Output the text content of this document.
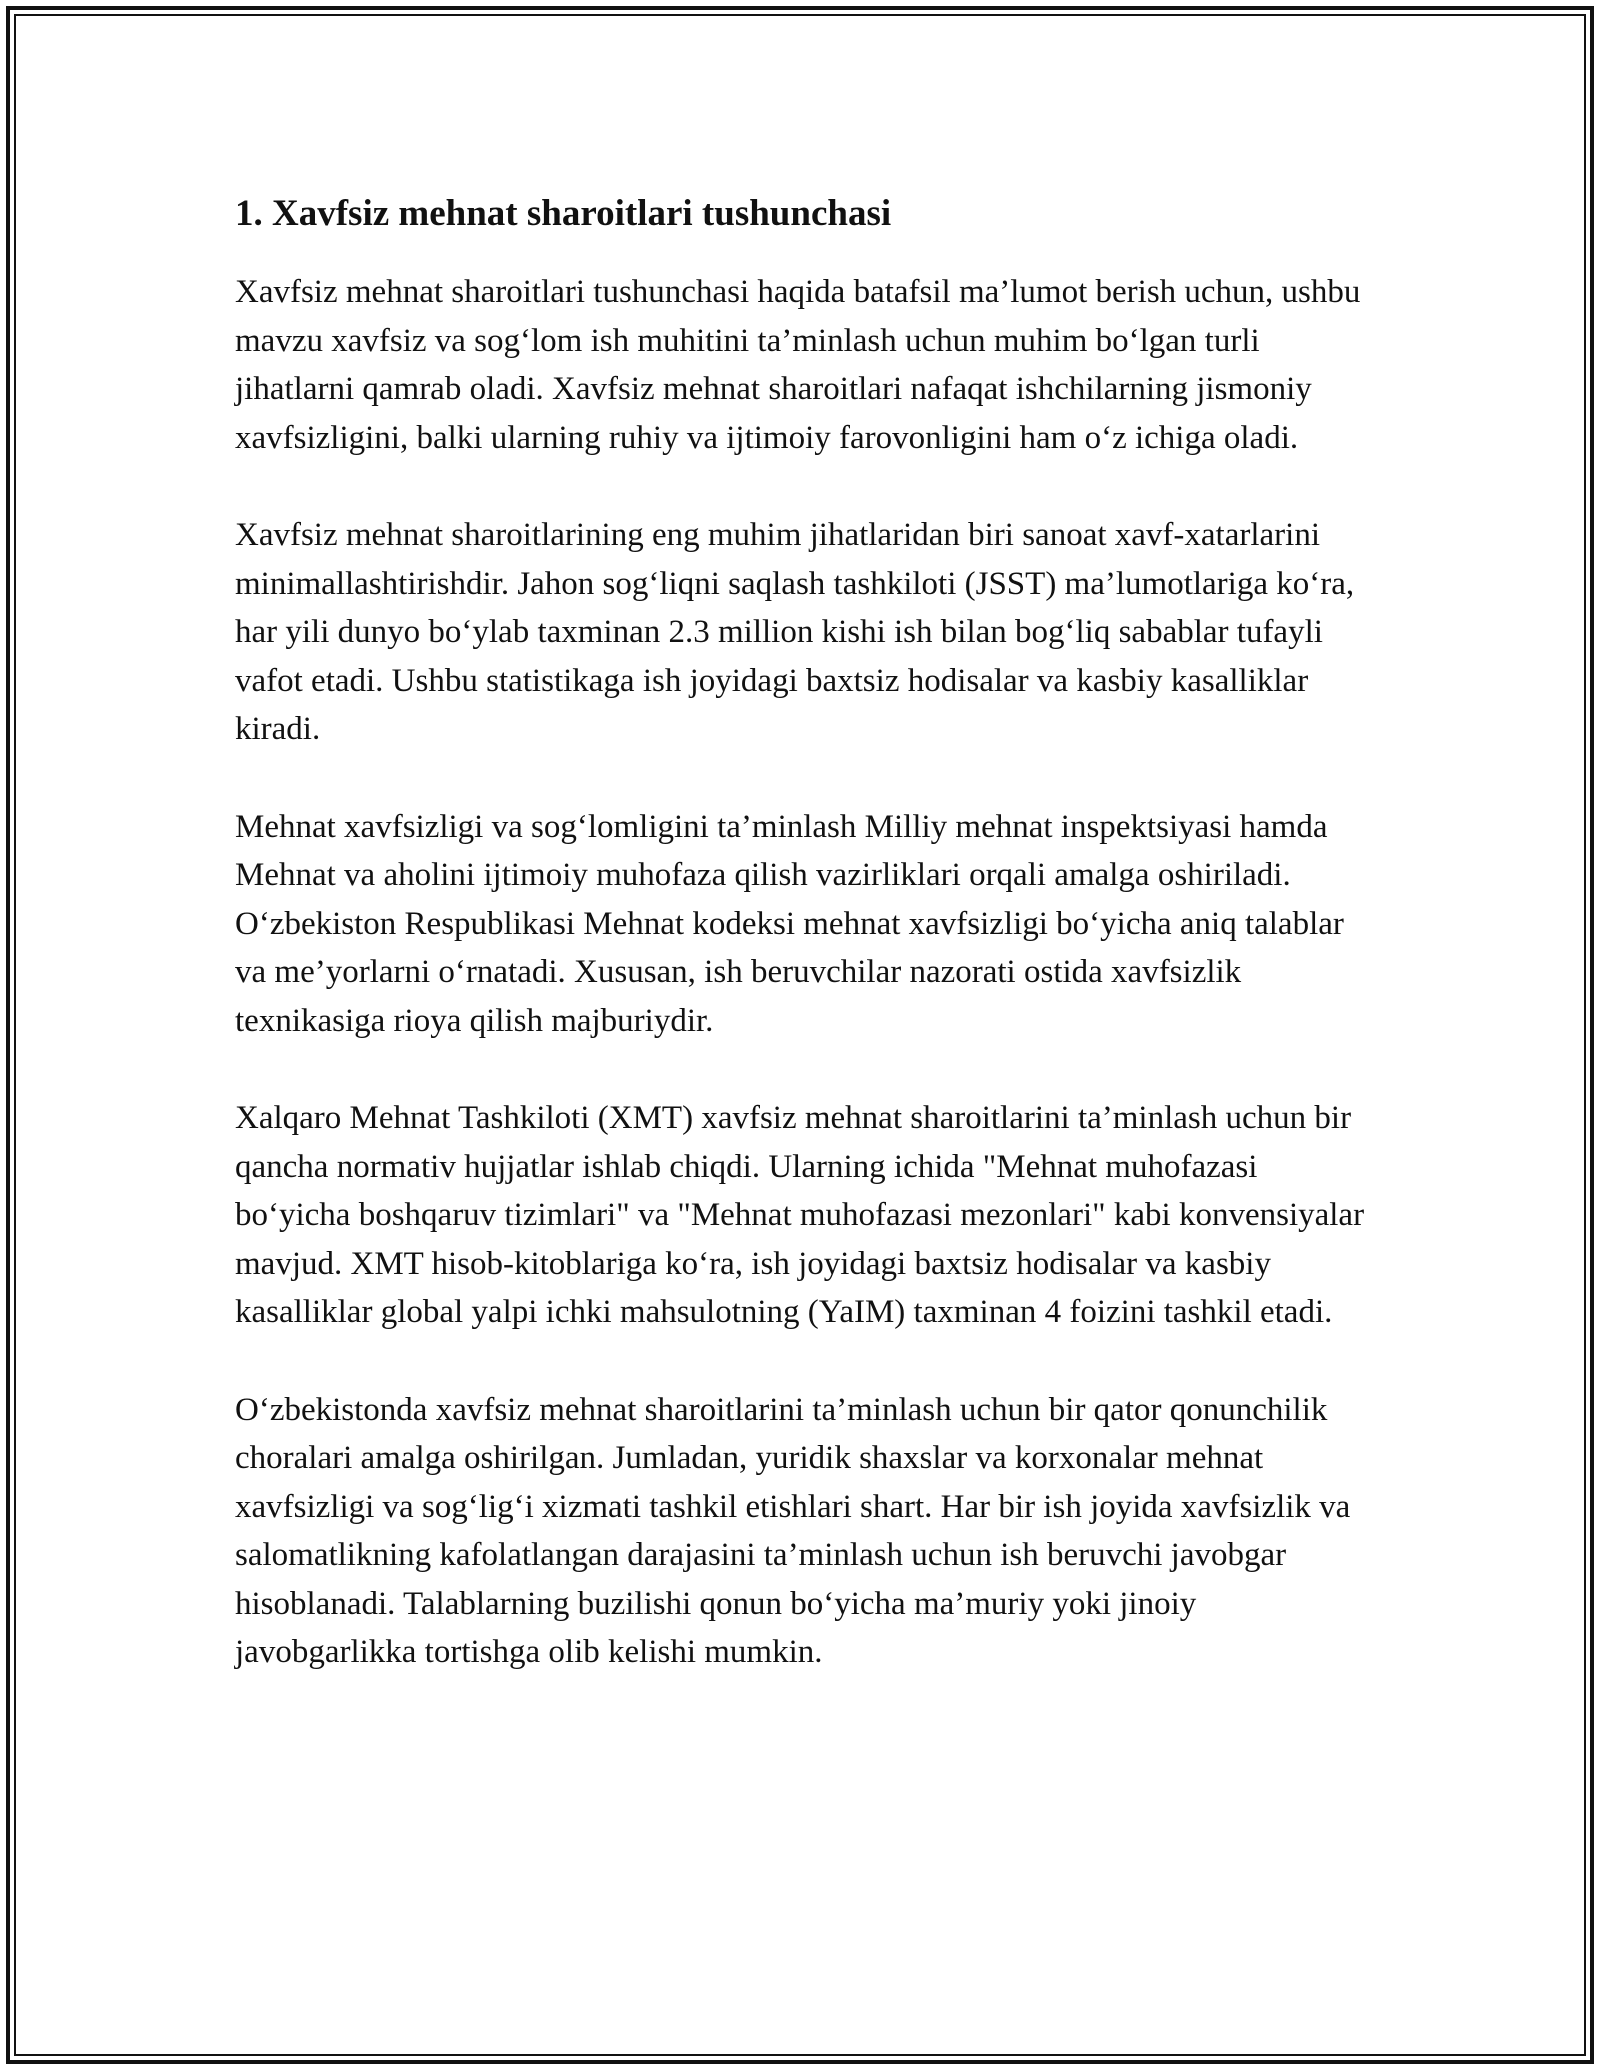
1. Xavfsiz mehnat sharoitlari tushunchasi

Xavfsiz mehnat sharoitlari tushunchasi haqida batafsil ma’lumot berish uchun, ushbu mavzu xavfsiz va sog‘lom ish muhitini ta’minlash uchun muhim bo‘lgan turli jihatlarni qamrab oladi. Xavfsiz mehnat sharoitlari nafaqat ishchilarning jismoniy xavfsizligini, balki ularning ruhiy va ijtimoiy farovonligini ham o‘z ichiga oladi.

Xavfsiz mehnat sharoitlarining eng muhim jihatlaridan biri sanoat xavf-xatarlarini minimallashtirishdir. Jahon sog‘liqni saqlash tashkiloti (JSST) ma’lumotlariga ko‘ra, har yili dunyo bo‘ylab taxminan 2.3 million kishi ish bilan bog‘liq sabablar tufayli vafot etadi. Ushbu statistikaga ish joyidagi baxtsiz hodisalar va kasbiy kasalliklar kiradi.

Mehnat xavfsizligi va sog‘lomligini ta’minlash Milliy mehnat inspektsiyasi hamda Mehnat va aholini ijtimoiy muhofaza qilish vazirliklari orqali amalga oshiriladi. O‘zbekiston Respublikasi Mehnat kodeksi mehnat xavfsizligi bo‘yicha aniq talablar va me’yorlarni o‘rnatadi. Xususan, ish beruvchilar nazorati ostida xavfsizlik texnikasiga rioya qilish majburiydir.

Xalqaro Mehnat Tashkiloti (XMT) xavfsiz mehnat sharoitlarini ta’minlash uchun bir qancha normativ hujjatlar ishlab chiqdi. Ularning ichida "Mehnat muhofazasi bo‘yicha boshqaruv tizimlari" va "Mehnat muhofazasi mezonlari" kabi konvensiyalar mavjud. XMT hisob-kitoblariga ko‘ra, ish joyidagi baxtsiz hodisalar va kasbiy kasalliklar global yalpi ichki mahsulotning (YaIM) taxminan 4 foizini tashkil etadi.

O‘zbekistonda xavfsiz mehnat sharoitlarini ta’minlash uchun bir qator qonunchilik choralari amalga oshirilgan. Jumladan, yuridik shaxslar va korxonalar mehnat xavfsizligi va sog‘lig‘i xizmati tashkil etishlari shart. Har bir ish joyida xavfsizlik va salomatlikning kafolatlangan darajasini ta’minlash uchun ish beruvchi javobgar hisoblanadi. Talablarning buzilishi qonun bo‘yicha ma’muriy yoki jinoiy javobgarlikka tortishga olib kelishi mumkin.
